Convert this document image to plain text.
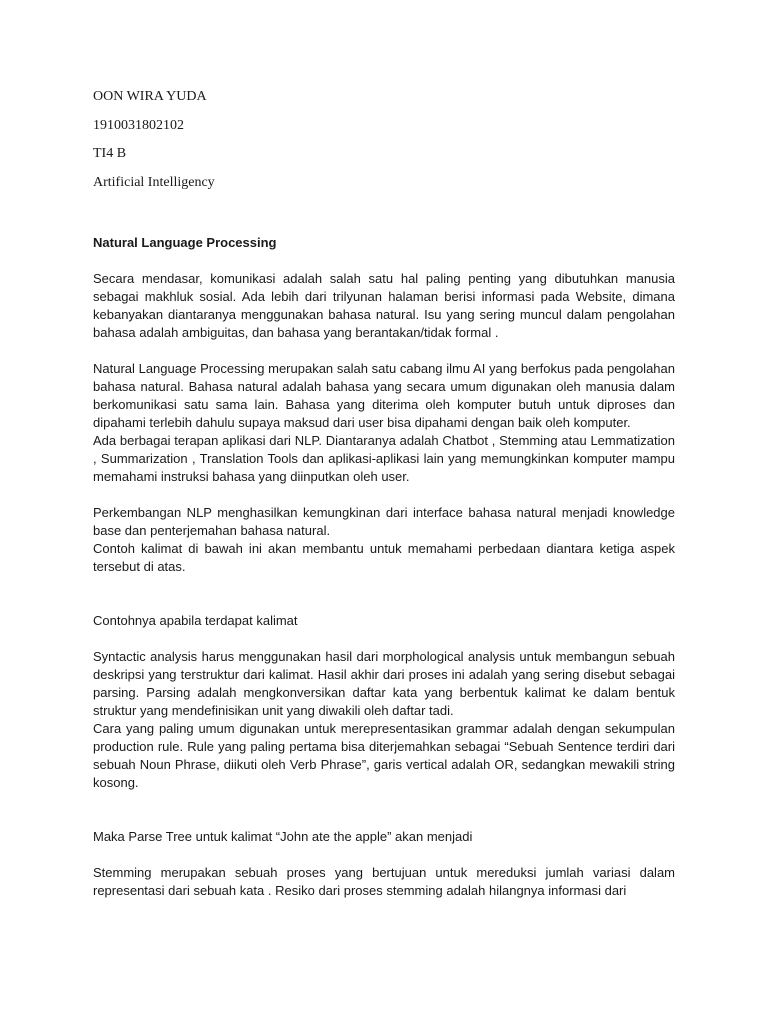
OON WIRA YUDA

1910031802102

TI4 B

Artificial Intelligency

Natural Language Processing

Secara mendasar, komunikasi adalah salah satu hal paling penting yang dibutuhkan manusia sebagai makhluk sosial. Ada lebih dari trilyunan halaman berisi informasi pada Website, dimana kebanyakan diantaranya menggunakan bahasa natural. Isu yang sering muncul dalam pengolahan bahasa adalah ambiguitas, dan bahasa yang berantakan/tidak formal .

Natural Language Processing merupakan salah satu cabang ilmu AI yang berfokus pada pengolahan bahasa natural. Bahasa natural adalah bahasa yang secara umum digunakan oleh manusia dalam berkomunikasi satu sama lain. Bahasa yang diterima oleh komputer butuh untuk diproses dan dipahami terlebih dahulu supaya maksud dari user bisa dipahami dengan baik oleh komputer.

Ada berbagai terapan aplikasi dari NLP. Diantaranya adalah Chatbot , Stemming atau Lemmatization , Summarization , Translation Tools dan aplikasi-aplikasi lain yang memungkinkan komputer mampu memahami instruksi bahasa yang diinputkan oleh user.

Perkembangan NLP menghasilkan kemungkinan dari interface bahasa natural menjadi knowledge base dan penterjemahan bahasa natural.

Contoh kalimat di bawah ini akan membantu untuk memahami perbedaan diantara ketiga aspek tersebut di atas.

Contohnya apabila terdapat kalimat

Syntactic analysis harus menggunakan hasil dari morphological analysis untuk membangun sebuah deskripsi yang terstruktur dari kalimat. Hasil akhir dari proses ini adalah yang sering disebut sebagai parsing. Parsing adalah mengkonversikan daftar kata yang berbentuk kalimat ke dalam bentuk struktur yang mendefinisikan unit yang diwakili oleh daftar tadi.

Cara yang paling umum digunakan untuk merepresentasikan grammar adalah dengan sekumpulan production rule. Rule yang paling pertama bisa diterjemahkan sebagai “Sebuah Sentence terdiri dari sebuah Noun Phrase, diikuti oleh Verb Phrase”, garis vertical adalah OR, sedangkan mewakili string kosong.

Maka Parse Tree untuk kalimat “John ate the apple” akan menjadi

Stemming merupakan sebuah proses yang bertujuan untuk mereduksi jumlah variasi dalam representasi dari sebuah kata . Resiko dari proses stemming adalah hilangnya informasi dari
